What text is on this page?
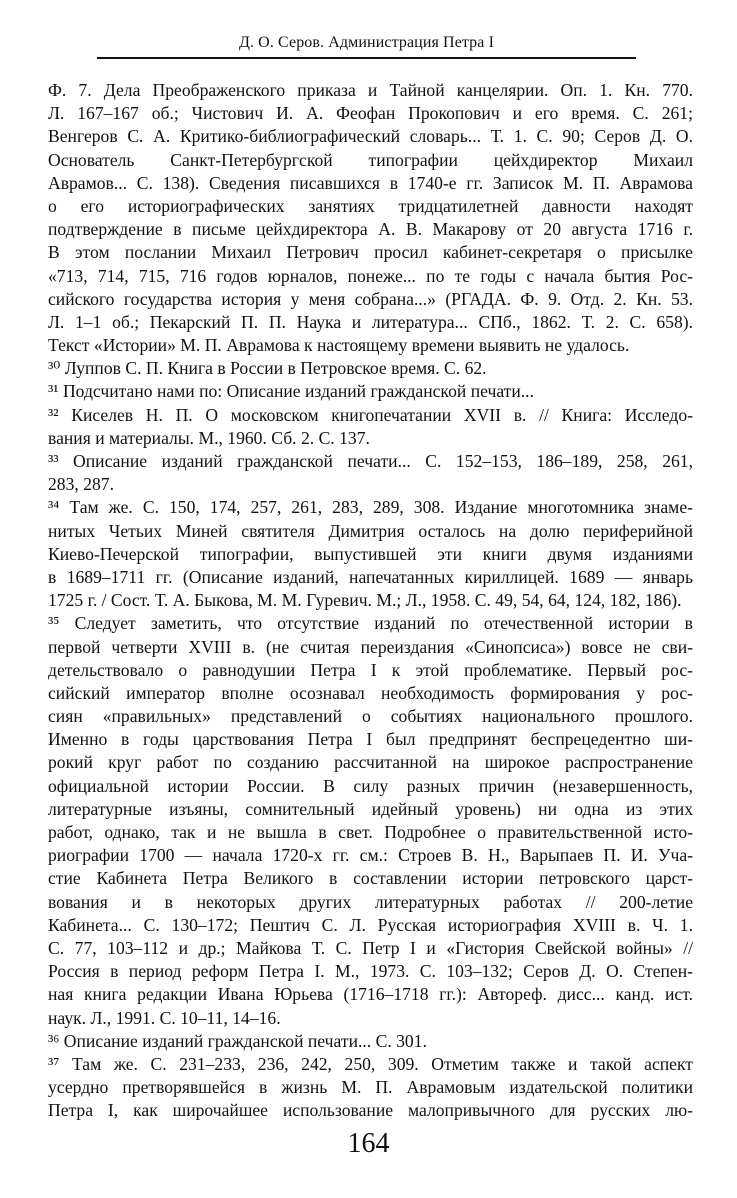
Д. О. Серов. Администрация Петра I
Ф. 7. Дела Преображенского приказа и Тайной канцелярии. Оп. 1. Кн. 770.
Л. 167–167 об.; Чистович И. А. Феофан Прокопович и его время. С. 261;
Венгеров С. А. Критико-библиографический словарь... Т. 1. С. 90; Серов Д. О.
Основатель Санкт-Петербургской типографии цейхдиректор Михаил
Аврамов... С. 138). Сведения писавшихся в 1740-е гг. Записок М. П. Аврамова
о его историографических занятиях тридцатилетней давности находят
подтверждение в письме цейхдиректора А. В. Макарову от 20 августа 1716 г.
В этом послании Михаил Петрович просил кабинет-секретаря о присылке
«713, 714, 715, 716 годов юрналов, понеже... по те годы с начала бытия Рос-
сийского государства история у меня собрана...» (РГАДА. Ф. 9. Отд. 2. Кн. 53.
Л. 1–1 об.; Пекарский П. П. Наука и литература... СПб., 1862. Т. 2. С. 658).
Текст «Истории» М. П. Аврамова к настоящему времени выявить не удалось.
³⁰ Луппов С. П. Книга в России в Петровское время. С. 62.
³¹ Подсчитано нами по: Описание изданий гражданской печати...
³² Киселев Н. П. О московском книгопечатании XVII в. // Книга: Исследо-
вания и материалы. М., 1960. Сб. 2. С. 137.
³³ Описание изданий гражданской печати... С. 152–153, 186–189, 258, 261,
283, 287.
³⁴ Там же. С. 150, 174, 257, 261, 283, 289, 308. Издание многотомника знаме-
нитых Четьих Миней святителя Димитрия осталось на долю периферийной
Киево-Печерской типографии, выпустившей эти книги двумя изданиями
в 1689–1711 гг. (Описание изданий, напечатанных кириллицей. 1689 — январь
1725 г. / Сост. Т. А. Быкова, М. М. Гуревич. М.; Л., 1958. С. 49, 54, 64, 124, 182, 186).
³⁵ Следует заметить, что отсутствие изданий по отечественной истории в
первой четверти XVIII в. (не считая переиздания «Синопсиса») вовсе не сви-
детельствовало о равнодушии Петра I к этой проблематике. Первый рос-
сийский император вполне осознавал необходимость формирования у рос-
сиян «правильных» представлений о событиях национального прошлого.
Именно в годы царствования Петра I был предпринят беспрецедентно ши-
рокий круг работ по созданию рассчитанной на широкое распространение
официальной истории России. В силу разных причин (незавершенность,
литературные изъяны, сомнительный идейный уровень) ни одна из этих
работ, однако, так и не вышла в свет. Подробнее о правительственной исто-
риографии 1700 — начала 1720-х гг. см.: Строев В. Н., Варыпаев П. И. Уча-
стие Кабинета Петра Великого в составлении истории петровского царст-
вования и в некоторых других литературных работах // 200-летие
Кабинета... С. 130–172; Пештич С. Л. Русская историография XVIII в. Ч. 1.
С. 77, 103–112 и др.; Майкова Т. С. Петр I и «Гистория Свейской войны» //
Россия в период реформ Петра I. М., 1973. С. 103–132; Серов Д. О. Степен-
ная книга редакции Ивана Юрьева (1716–1718 гг.): Автореф. дисс... канд. ист.
наук. Л., 1991. С. 10–11, 14–16.
³⁶ Описание изданий гражданской печати... С. 301.
³⁷ Там же. С. 231–233, 236, 242, 250, 309. Отметим также и такой аспект
усердно претворявшейся в жизнь М. П. Аврамовым издательской политики
Петра I, как широчайшее использование малопривычного для русских лю-
164
